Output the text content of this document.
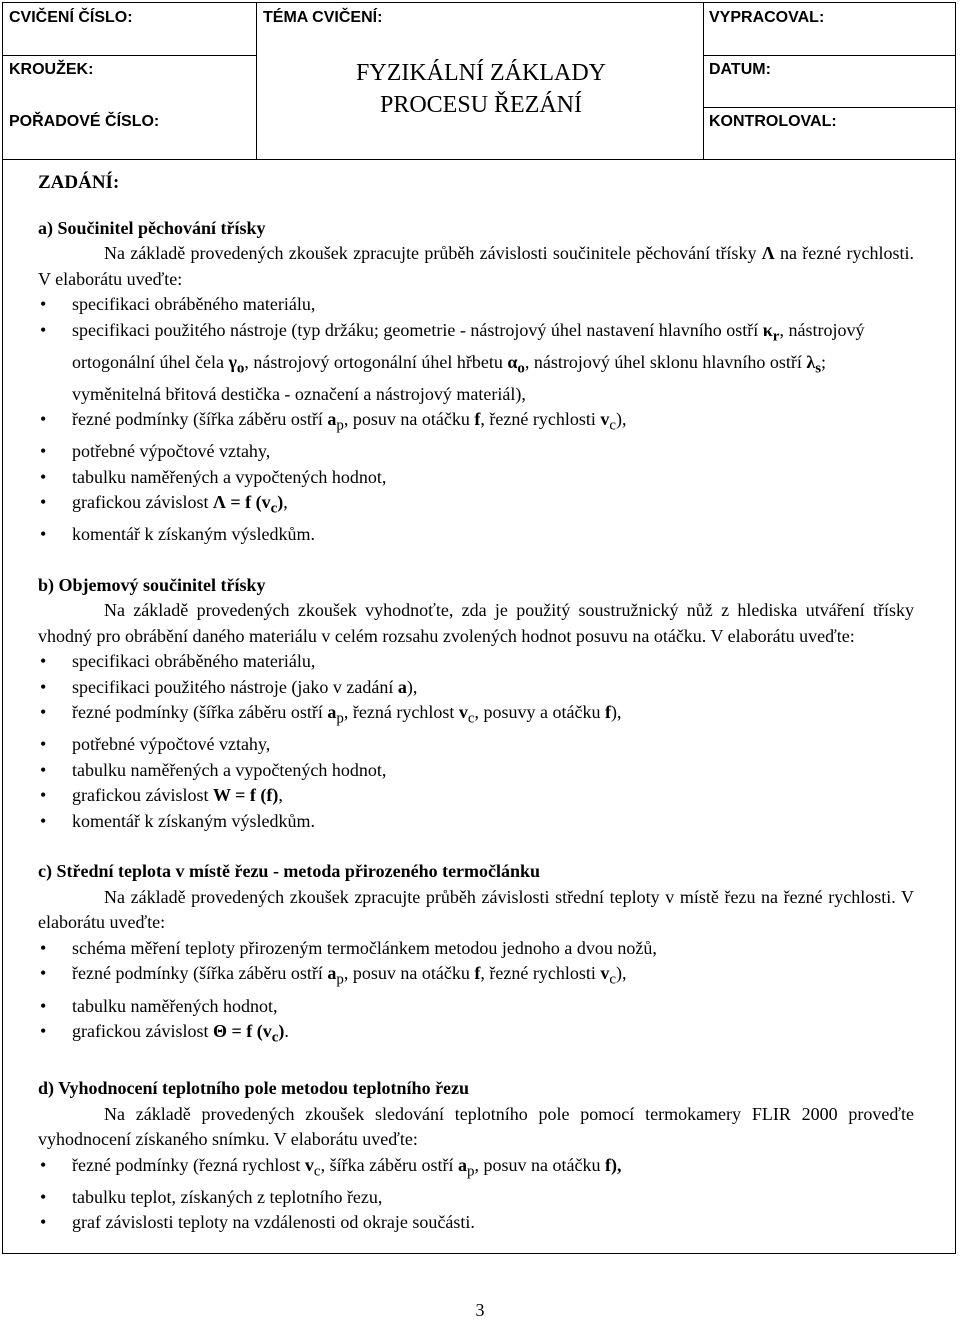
CVIČENÍ ČÍSLO:
KROUŽEK:
POŘADOVÉ ČÍSLO:
TÉMA CVIČENÍ:
FYZIKÁLNÍ ZÁKLADY
PROCESU ŘEZÁNÍ
VYPRACOVAL:
DATUM:
KONTROLOVAL:

ZADÁNÍ:

a) Součinitel pěchování třísky

Na základě provedených zkoušek zpracujte průběh závislosti součinitele pěchování třísky Λ na řezné rychlosti. V elaborátu uveďte:

• specifikaci obráběného materiálu,
• specifikaci použitého nástroje (typ držáku; geometrie - nástrojový úhel nastavení hlavního ostří $\kappa_r$, nástrojový ortogonální úhel čela $\gamma_o$, nástrojový ortogonální úhel hřbetu $\alpha_o$, nástrojový úhel sklonu hlavního ostří $\lambda_s$; vyměnitelná břitová destička - označení a nástrojový materiál),
• řezné podmínky (šířka záběru ostří $a_p$, posuv na otáčku f, řezné rychlosti $v_c$),
• potřebné výpočtové vztahy,
• tabulku naměřených a vypočtených hodnot,
• grafickou závislost Λ = f $(v_c)$,
• komentář k získaným výsledkům.

b) Objemový součinitel třísky

Na základě provedených zkoušek vyhodnoťte, zda je použitý soustružnický nůž z hlediska utváření třísky vhodný pro obrábění daného materiálu v celém rozsahu zvolených hodnot posuvu na otáčku. V elaborátu uveďte:

• specifikaci obráběného materiálu,
• specifikaci použitého nástroje (jako v zadání a),
• řezné podmínky (šířka záběru ostří $a_p$, řezná rychlost $v_c$, posuvy a otáčku f),
• potřebné výpočtové vztahy,
• tabulku naměřených a vypočtených hodnot,
• grafickou závislost W = f (f),
• komentář k získaným výsledkům.

c) Střední teplota v místě řezu - metoda přirozeného termočlánku

Na základě provedených zkoušek zpracujte průběh závislosti střední teploty v místě řezu na řezné rychlosti. V elaborátu uveďte:

• schéma měření teploty přirozeným termočlánkem metodou jednoho a dvou nožů,
• řezné podmínky (šířka záběru ostří $a_p$, posuv na otáčku f, řezné rychlosti $v_c$),
• tabulku naměřených hodnot,
• grafickou závislost Θ = f $(v_c)$.

d) Vyhodnocení teplotního pole metodou teplotního řezu

Na základě provedených zkoušek sledování teplotního pole pomocí termokamery FLIR 2000 proveďte vyhodnocení získaného snímku. V elaborátu uveďte:

• řezné podmínky (řezná rychlost $v_c$, šířka záběru ostří $a_p$, posuv na otáčku f),
• tabulku teplot, získaných z teplotního řezu,
• graf závislosti teploty na vzdálenosti od okraje součásti.
3
